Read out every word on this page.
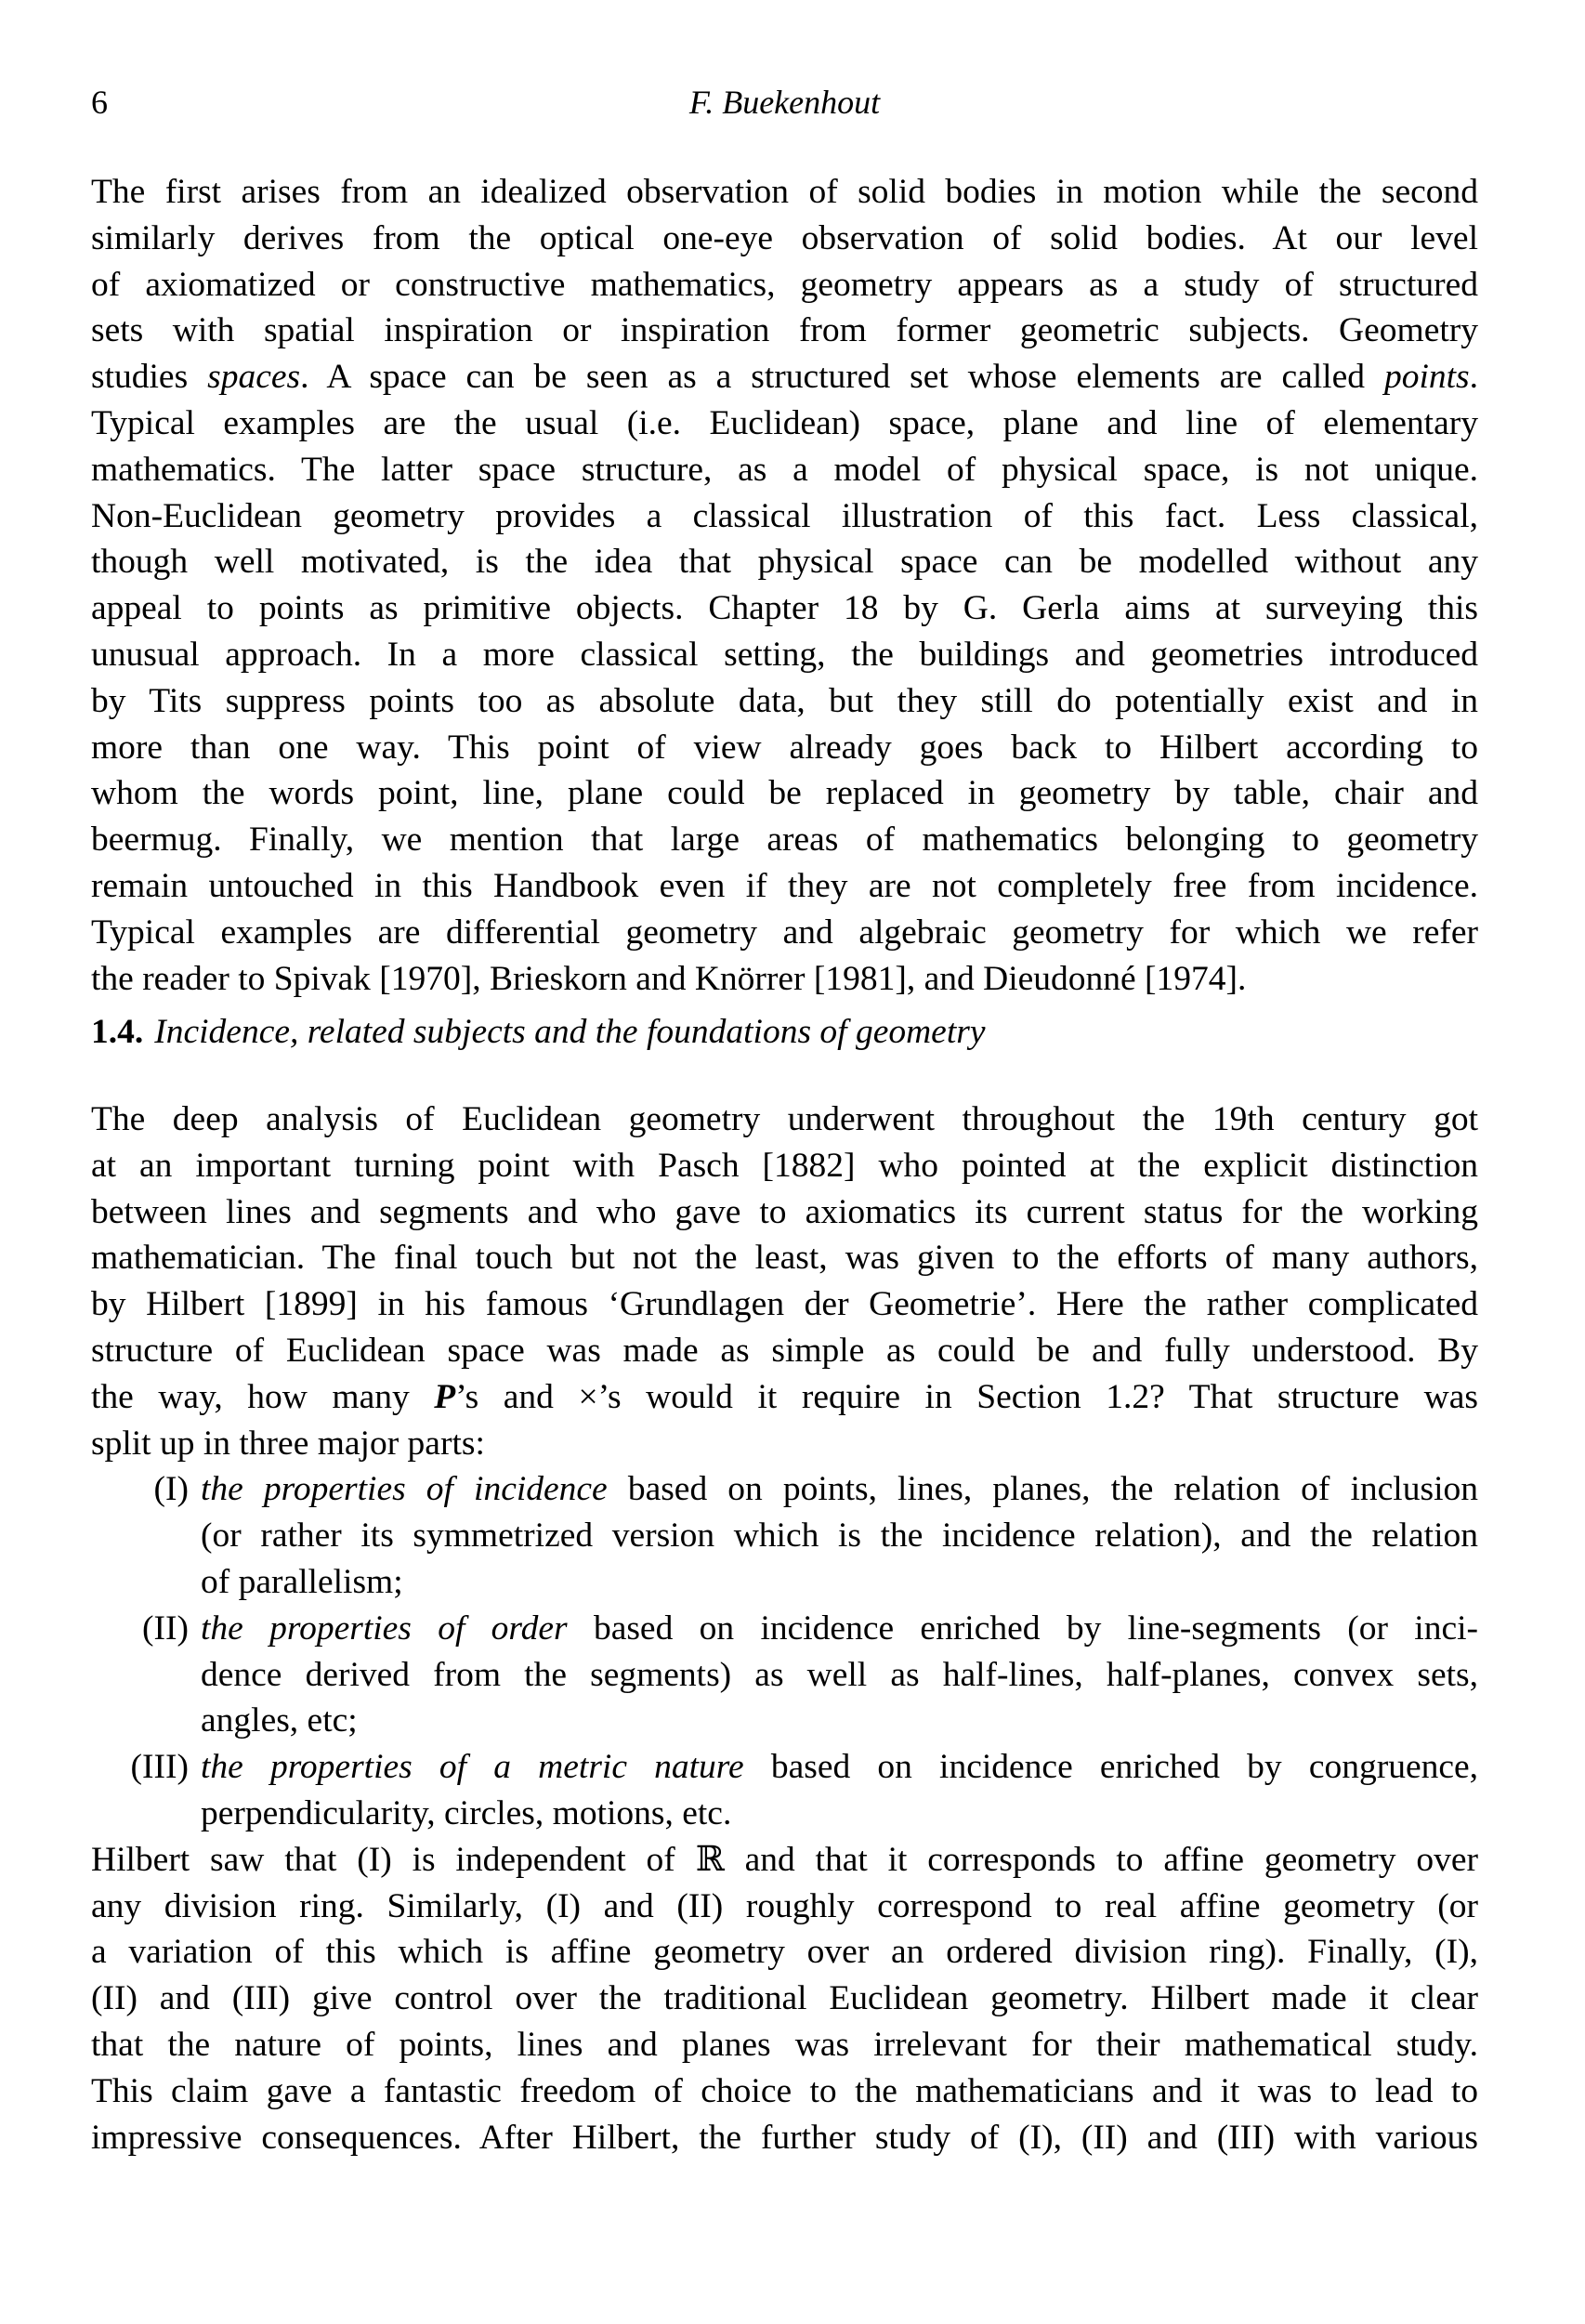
6	F. Buekenhout
The first arises from an idealized observation of solid bodies in motion while the second
similarly derives from the optical one-eye observation of solid bodies. At our level
of axiomatized or constructive mathematics, geometry appears as a study of structured
sets with spatial inspiration or inspiration from former geometric subjects. Geometry
studies spaces. A space can be seen as a structured set whose elements are called points.
Typical examples are the usual (i.e. Euclidean) space, plane and line of elementary
mathematics. The latter space structure, as a model of physical space, is not unique.
Non-Euclidean geometry provides a classical illustration of this fact. Less classical,
though well motivated, is the idea that physical space can be modelled without any
appeal to points as primitive objects. Chapter 18 by G. Gerla aims at surveying this
unusual approach. In a more classical setting, the buildings and geometries introduced
by Tits suppress points too as absolute data, but they still do potentially exist and in
more than one way. This point of view already goes back to Hilbert according to
whom the words point, line, plane could be replaced in geometry by table, chair and
beermug. Finally, we mention that large areas of mathematics belonging to geometry
remain untouched in this Handbook even if they are not completely free from incidence.
Typical examples are differential geometry and algebraic geometry for which we refer
the reader to Spivak [1970], Brieskorn and Knörrer [1981], and Dieudonné [1974].
1.4. Incidence, related subjects and the foundations of geometry
The deep analysis of Euclidean geometry underwent throughout the 19th century got
at an important turning point with Pasch [1882] who pointed at the explicit distinction
between lines and segments and who gave to axiomatics its current status for the working
mathematician. The final touch but not the least, was given to the efforts of many authors,
by Hilbert [1899] in his famous ‘Grundlagen der Geometrie’. Here the rather complicated
structure of Euclidean space was made as simple as could be and fully understood. By
the way, how many P’s and ×’s would it require in Section 1.2? That structure was
split up in three major parts:
(I) the properties of incidence based on points, lines, planes, the relation of inclusion
(or rather its symmetrized version which is the incidence relation), and the relation
of parallelism;
(II) the properties of order based on incidence enriched by line-segments (or inci-
dence derived from the segments) as well as half-lines, half-planes, convex sets,
angles, etc;
(III) the properties of a metric nature based on incidence enriched by congruence,
perpendicularity, circles, motions, etc.
Hilbert saw that (I) is independent of ℝ and that it corresponds to affine geometry over
any division ring. Similarly, (I) and (II) roughly correspond to real affine geometry (or
a variation of this which is affine geometry over an ordered division ring). Finally, (I),
(II) and (III) give control over the traditional Euclidean geometry. Hilbert made it clear
that the nature of points, lines and planes was irrelevant for their mathematical study.
This claim gave a fantastic freedom of choice to the mathematicians and it was to lead to
impressive consequences. After Hilbert, the further study of (I), (II) and (III) with various
